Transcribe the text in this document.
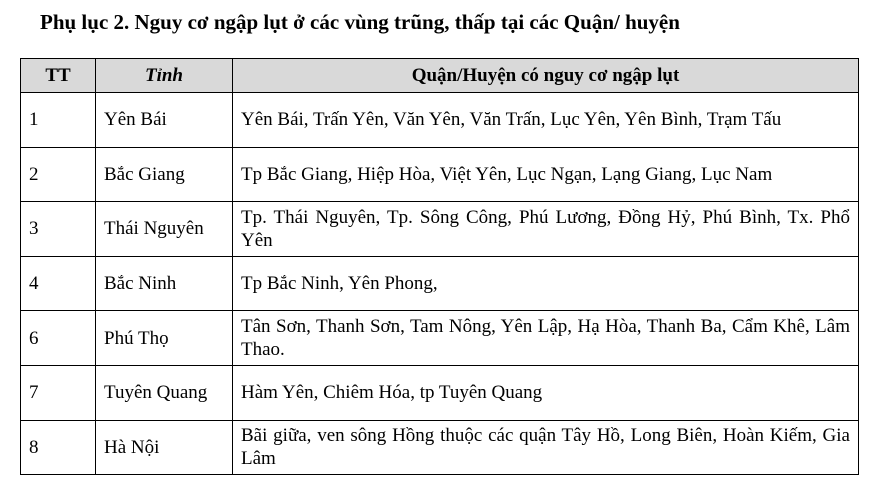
Phụ lục 2. Nguy cơ ngập lụt ở các vùng trũng, thấp tại các Quận/ huyện
TT	Tỉnh	Quận/Huyện có nguy cơ ngập lụt
1	Yên Bái	Yên Bái, Trấn Yên, Văn Yên, Văn Trấn, Lục Yên, Yên Bình, Trạm Tấu
2	Bắc Giang	Tp Bắc Giang, Hiệp Hòa, Việt Yên, Lục Ngạn, Lạng Giang, Lục Nam
3	Thái Nguyên	Tp. Thái Nguyên, Tp. Sông Công, Phú Lương, Đồng Hỷ, Phú Bình, Tx. Phổ Yên
4	Bắc Ninh	Tp Bắc Ninh, Yên Phong,
6	Phú Thọ	Tân Sơn, Thanh Sơn, Tam Nông, Yên Lập, Hạ Hòa, Thanh Ba, Cẩm Khê, Lâm Thao.
7	Tuyên Quang	Hàm Yên, Chiêm Hóa, tp Tuyên Quang
8	Hà Nội	Bãi giữa, ven sông Hồng thuộc các quận Tây Hồ, Long Biên, Hoàn Kiếm, Gia Lâm
